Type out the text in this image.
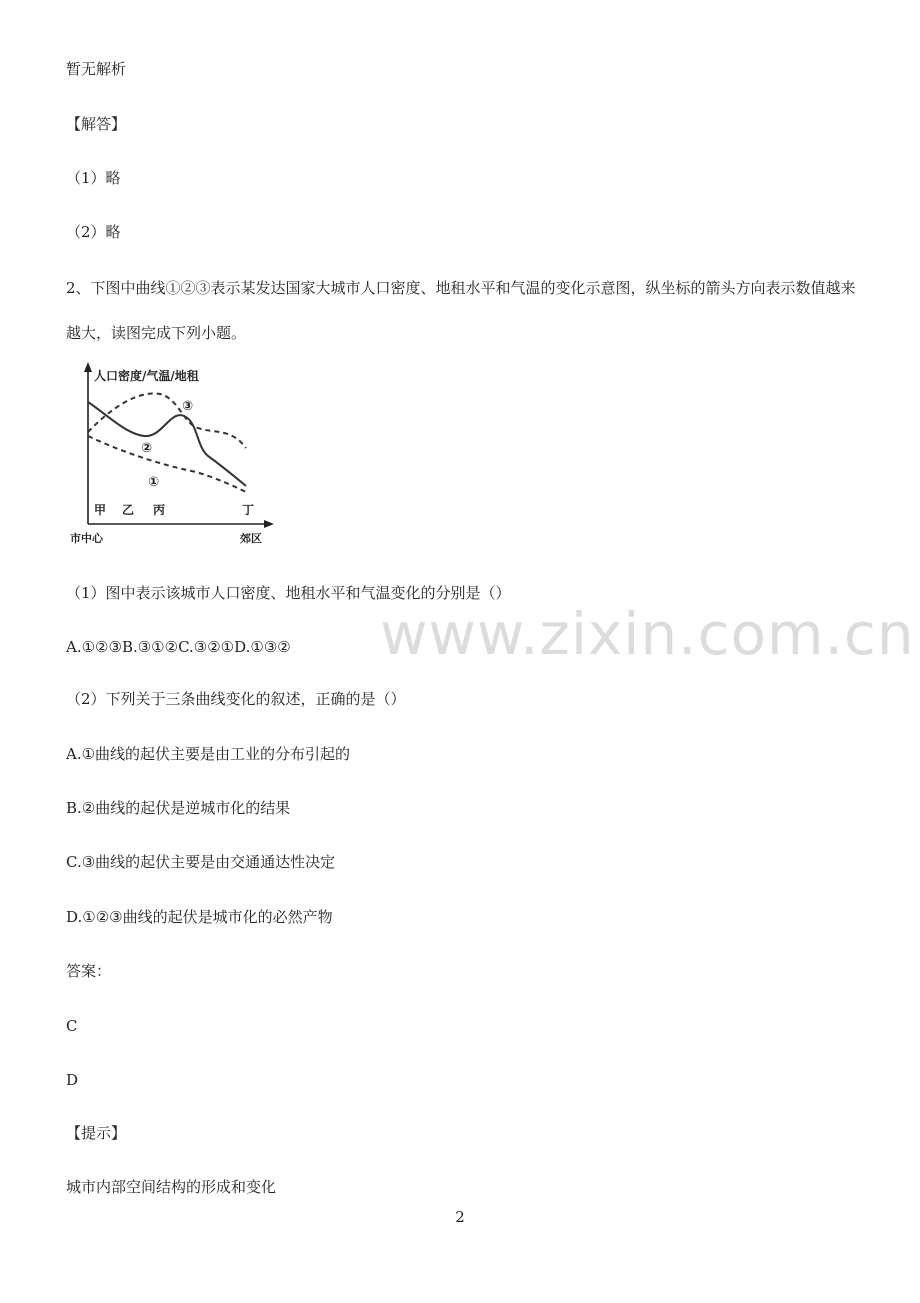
暂无解析
【解答】
（1）略
（2）略
2、下图中曲线①②③表示某发达国家大城市人口密度、地租水平和气温的变化示意图，纵坐标的箭头方向表示数值越来越大，读图完成下列小题。
人口密度/气温/地租
③
②
①
甲 乙 丙	丁
市中心	郊区
（1）图中表示该城市人口密度、地租水平和气温变化的分别是（）
A.①②③B.③①②C.③②①D.①③② www.zixin.com.cn
（2）下列关于三条曲线变化的叙述，正确的是（）
A.①曲线的起伏主要是由工业的分布引起的
B.②曲线的起伏是逆城市化的结果
C.③曲线的起伏主要是由交通通达性决定
D.①②③曲线的起伏是城市化的必然产物
答案：
C
D
【提示】
城市内部空间结构的形成和变化
2
